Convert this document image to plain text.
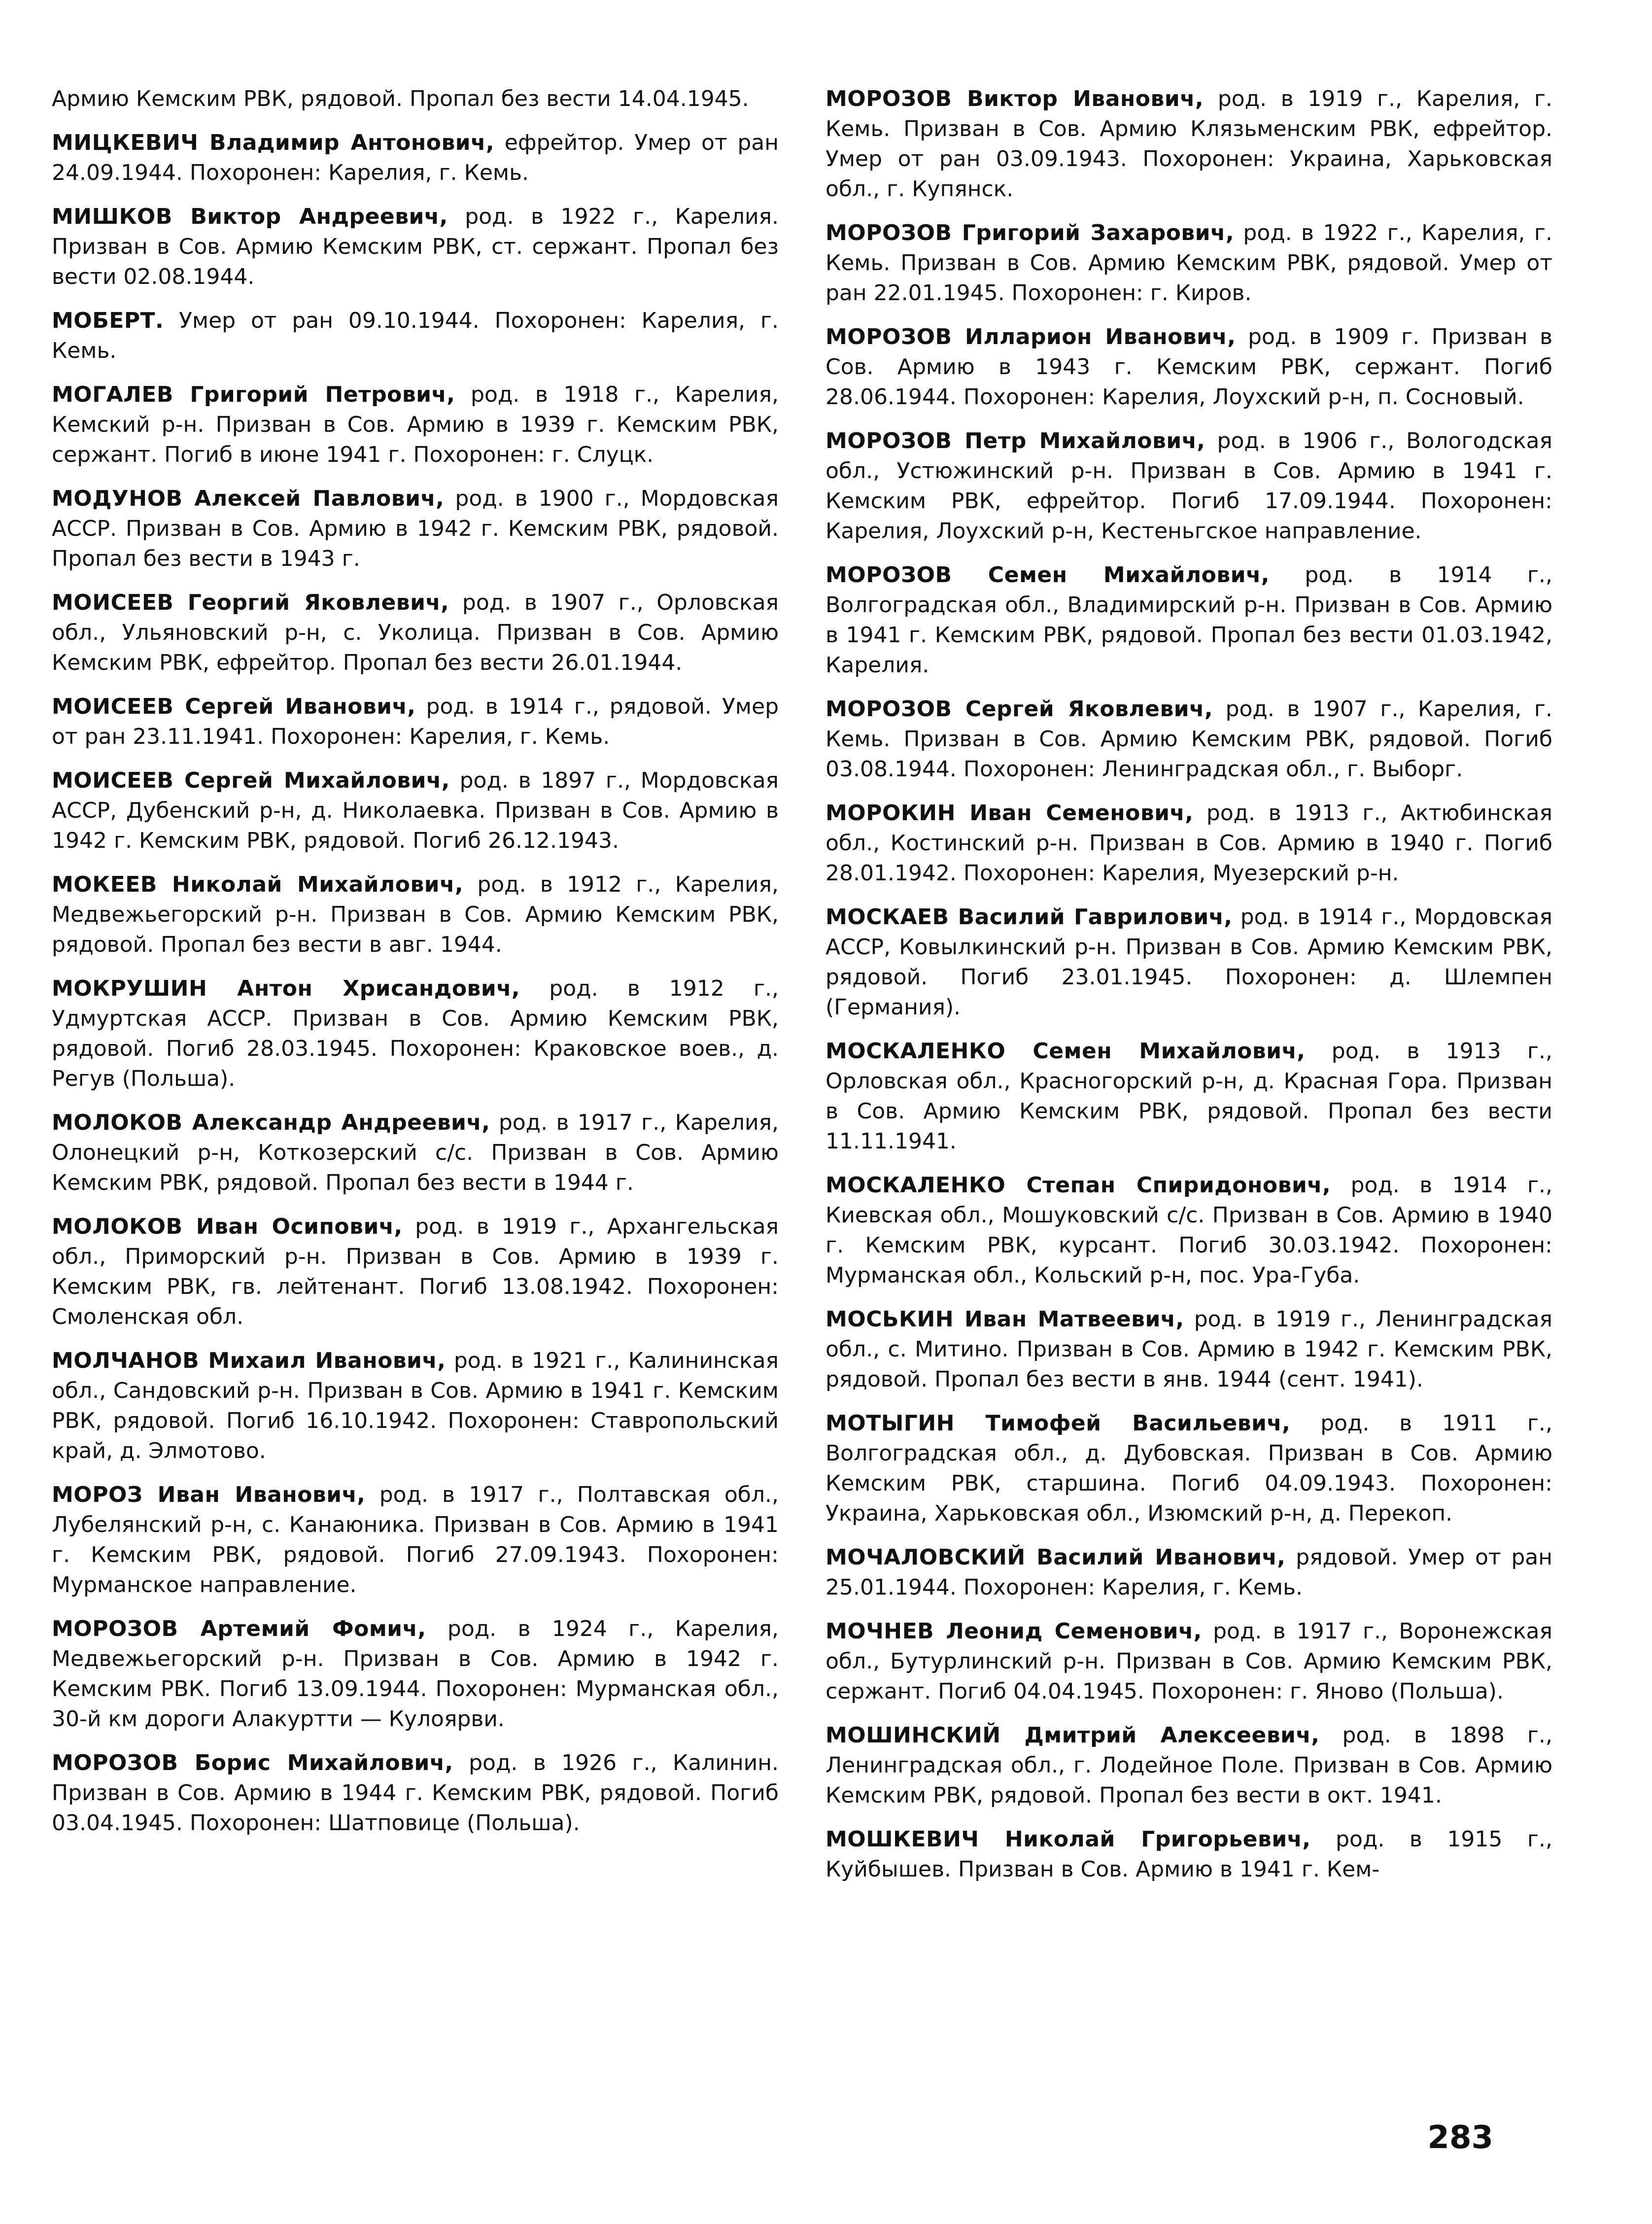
Армию Кемским РВК, рядовой. Пропал без вести 14.04.1945.

МИЦКЕВИЧ Владимир Антонович, ефрейтор. Умер от ран 24.09.1944. Похоронен: Карелия, г. Кемь.

МИШКОВ Виктор Андреевич, род. в 1922 г., Карелия. Призван в Сов. Армию Кемским РВК, ст. сержант. Пропал без вести 02.08.1944.

МОБЕРТ. Умер от ран 09.10.1944. Похоронен: Карелия, г. Кемь.

МОГАЛЕВ Григорий Петрович, род. в 1918 г., Карелия, Кемский р-н. Призван в Сов. Армию в 1939 г. Кемским РВК, сержант. Погиб в июне 1941 г. Похоронен: г. Слуцк.

МОДУНОВ Алексей Павлович, род. в 1900 г., Мордовская АССР. Призван в Сов. Армию в 1942 г. Кемским РВК, рядовой. Пропал без вести в 1943 г.

МОИСЕЕВ Георгий Яковлевич, род. в 1907 г., Орловская обл., Ульяновский р-н, с. Уколица. Призван в Сов. Армию Кемским РВК, ефрейтор. Пропал без вести 26.01.1944.

МОИСЕЕВ Сергей Иванович, род. в 1914 г., рядовой. Умер от ран 23.11.1941. Похоронен: Карелия, г. Кемь.

МОИСЕЕВ Сергей Михайлович, род. в 1897 г., Мордовская АССР, Дубенский р-н, д. Николаевка. Призван в Сов. Армию в 1942 г. Кемским РВК, рядовой. Погиб 26.12.1943.

МОКЕЕВ Николай Михайлович, род. в 1912 г., Карелия, Медвежьегорский р-н. Призван в Сов. Армию Кемским РВК, рядовой. Пропал без вести в авг. 1944.

МОКРУШИН Антон Хрисандович, род. в 1912 г., Удмуртская АССР. Призван в Сов. Армию Кемским РВК, рядовой. Погиб 28.03.1945. Похоронен: Краковское воев., д. Регув (Польша).

МОЛОКОВ Александр Андреевич, род. в 1917 г., Карелия, Олонецкий р-н, Коткозерский с/с. Призван в Сов. Армию Кемским РВК, рядовой. Пропал без вести в 1944 г.

МОЛОКОВ Иван Осипович, род. в 1919 г., Архангельская обл., Приморский р-н. Призван в Сов. Армию в 1939 г. Кемским РВК, гв. лейтенант. Погиб 13.08.1942. Похоронен: Смоленская обл.

МОЛЧАНОВ Михаил Иванович, род. в 1921 г., Калининская обл., Сандовский р-н. Призван в Сов. Армию в 1941 г. Кемским РВК, рядовой. Погиб 16.10.1942. Похоронен: Ставропольский край, д. Элмотово.

МОРОЗ Иван Иванович, род. в 1917 г., Полтавская обл., Лубелянский р-н, с. Канаюника. Призван в Сов. Армию в 1941 г. Кемским РВК, рядовой. Погиб 27.09.1943. Похоронен: Мурманское направление.

МОРОЗОВ Артемий Фомич, род. в 1924 г., Карелия, Медвежьегорский р-н. Призван в Сов. Армию в 1942 г. Кемским РВК. Погиб 13.09.1944. Похоронен: Мурманская обл., 30-й км дороги Алакуртти — Кулоярви.

МОРОЗОВ Борис Михайлович, род. в 1926 г., Калинин. Призван в Сов. Армию в 1944 г. Кемским РВК, рядовой. Погиб 03.04.1945. Похоронен: Шатповице (Польша).

МОРОЗОВ Виктор Иванович, род. в 1919 г., Карелия, г. Кемь. Призван в Сов. Армию Клязьменским РВК, ефрейтор. Умер от ран 03.09.1943. Похоронен: Украина, Харьковская обл., г. Купянск.

МОРОЗОВ Григорий Захарович, род. в 1922 г., Карелия, г. Кемь. Призван в Сов. Армию Кемским РВК, рядовой. Умер от ран 22.01.1945. Похоронен: г. Киров.

МОРОЗОВ Илларион Иванович, род. в 1909 г. Призван в Сов. Армию в 1943 г. Кемским РВК, сержант. Погиб 28.06.1944. Похоронен: Карелия, Лоухский р-н, п. Сосновый.

МОРОЗОВ Петр Михайлович, род. в 1906 г., Вологодская обл., Устюжинский р-н. Призван в Сов. Армию в 1941 г. Кемским РВК, ефрейтор. Погиб 17.09.1944. Похоронен: Карелия, Лоухский р-н, Кестеньгское направление.

МОРОЗОВ Семен Михайлович, род. в 1914 г., Волгоградская обл., Владимирский р-н. Призван в Сов. Армию в 1941 г. Кемским РВК, рядовой. Пропал без вести 01.03.1942, Карелия.

МОРОЗОВ Сергей Яковлевич, род. в 1907 г., Карелия, г. Кемь. Призван в Сов. Армию Кемским РВК, рядовой. Погиб 03.08.1944. Похоронен: Ленинградская обл., г. Выборг.

МОРОКИН Иван Семенович, род. в 1913 г., Актюбинская обл., Костинский р-н. Призван в Сов. Армию в 1940 г. Погиб 28.01.1942. Похоронен: Карелия, Муезерский р-н.

МОСКАЕВ Василий Гаврилович, род. в 1914 г., Мордовская АССР, Ковылкинский р-н. Призван в Сов. Армию Кемским РВК, рядовой. Погиб 23.01.1945. Похоронен: д. Шлемпен (Германия).

МОСКАЛЕНКО Семен Михайлович, род. в 1913 г., Орловская обл., Красногорский р-н, д. Красная Гора. Призван в Сов. Армию Кемским РВК, рядовой. Пропал без вести 11.11.1941.

МОСКАЛЕНКО Степан Спиридонович, род. в 1914 г., Киевская обл., Мошуковский с/с. Призван в Сов. Армию в 1940 г. Кемским РВК, курсант. Погиб 30.03.1942. Похоронен: Мурманская обл., Кольский р-н, пос. Ура-Губа.

МОСЬКИН Иван Матвеевич, род. в 1919 г., Ленинградская обл., с. Митино. Призван в Сов. Армию в 1942 г. Кемским РВК, рядовой. Пропал без вести в янв. 1944 (сент. 1941).

МОТЫГИН Тимофей Васильевич, род. в 1911 г., Волгоградская обл., д. Дубовская. Призван в Сов. Армию Кемским РВК, старшина. Погиб 04.09.1943. Похоронен: Украина, Харьковская обл., Изюмский р-н, д. Перекоп.

МОЧАЛОВСКИЙ Василий Иванович, рядовой. Умер от ран 25.01.1944. Похоронен: Карелия, г. Кемь.

МОЧНЕВ Леонид Семенович, род. в 1917 г., Воронежская обл., Бутурлинский р-н. Призван в Сов. Армию Кемским РВК, сержант. Погиб 04.04.1945. Похоронен: г. Яново (Польша).

МОШИНСКИЙ Дмитрий Алексеевич, род. в 1898 г., Ленинградская обл., г. Лодейное Поле. Призван в Сов. Армию Кемским РВК, рядовой. Пропал без вести в окт. 1941.

МОШКЕВИЧ Николай Григорьевич, род. в 1915 г., Куйбышев. Призван в Сов. Армию в 1941 г. Кем-

283
